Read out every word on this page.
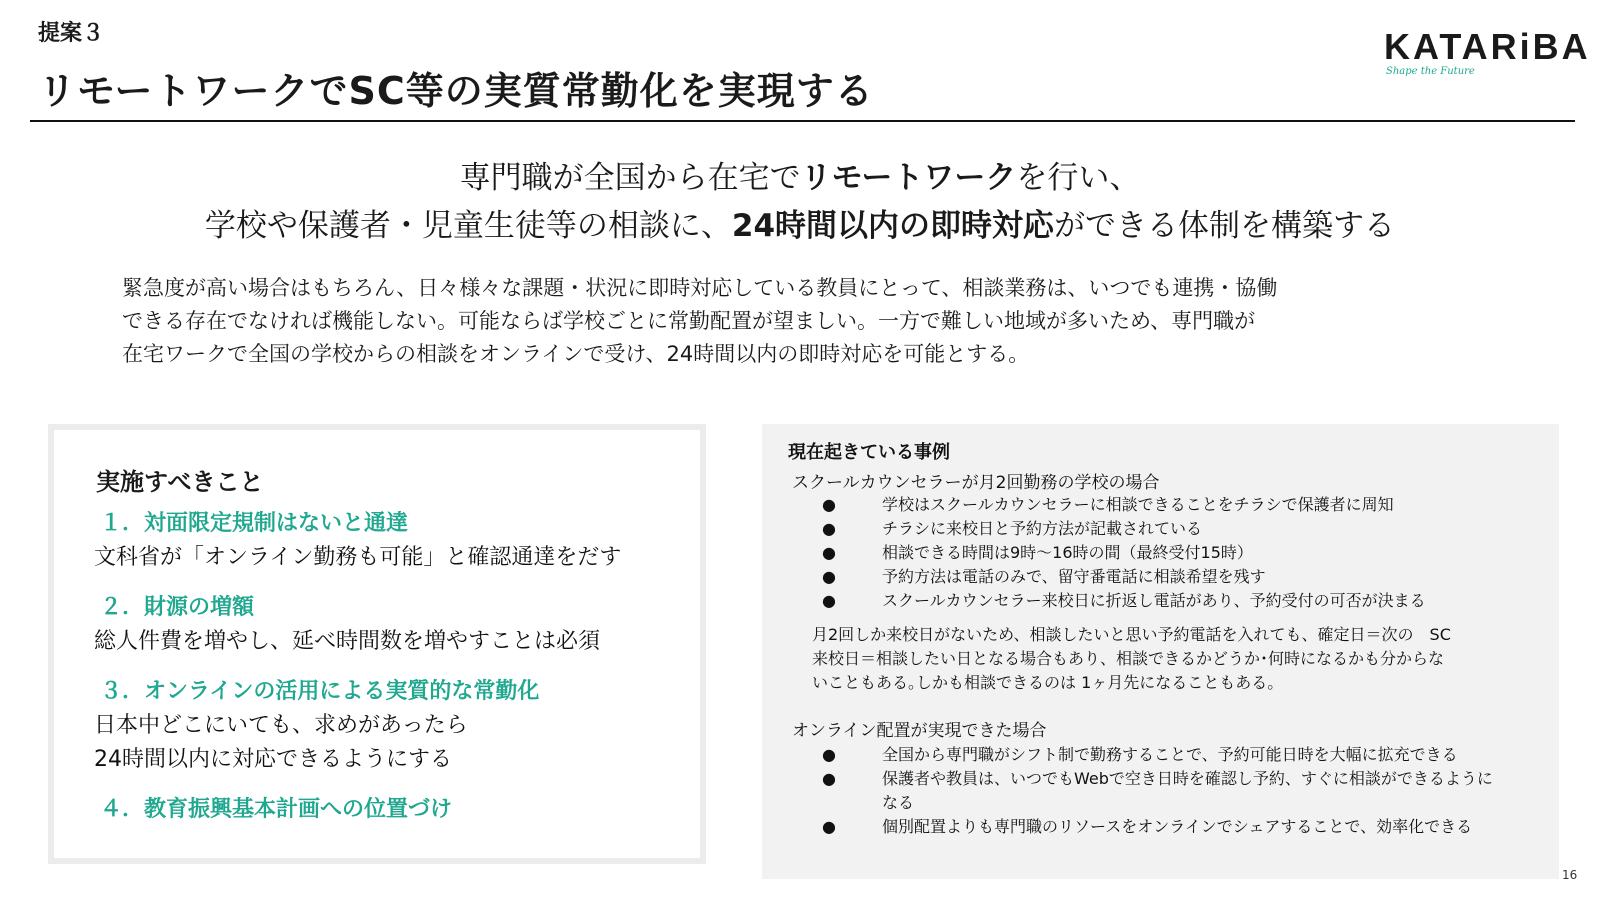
提案３
リモートワークでSC等の実質常勤化を実現する
KATARiBA
Shape the Future
専門職が全国から在宅でリモートワークを行い、
学校や保護者・児童生徒等の相談に、24時間以内の即時対応ができる体制を構築する
緊急度が高い場合はもちろん、日々様々な課題・状況に即時対応している教員にとって、相談業務は、いつでも連携・協働
できる存在でなければ機能しない。可能ならば学校ごとに常勤配置が望ましい。一方で難しい地域が多いため、専門職が
在宅ワークで全国の学校からの相談をオンラインで受け、24時間以内の即時対応を可能とする。
実施すべきこと
１．対面限定規制はないと通達
文科省が「オンライン勤務も可能」と確認通達をだす
２．財源の増額
総人件費を増やし、延べ時間数を増やすことは必須
３．オンラインの活用による実質的な常勤化
日本中どこにいても、求めがあったら
24時間以内に対応できるようにする
４．教育振興基本計画への位置づけ
現在起きている事例
スクールカウンセラーが月2回勤務の学校の場合
●	学校はスクールカウンセラーに相談できることをチラシで保護者に周知
●	チラシに来校日と予約方法が記載されている
●	相談できる時間は9時〜16時の間（最終受付15時）
●	予約方法は電話のみで、留守番電話に相談希望を残す
●	スクールカウンセラー来校日に折返し電話があり、予約受付の可否が決まる
月2回しか来校日がないため、相談したいと思い予約電話を入れても、確定日＝次の　SC
来校日＝相談したい日となる場合もあり、相談できるかどうか･何時になるかも分からな
いこともある｡しかも相談できるのは 1ヶ月先になることもある｡
オンライン配置が実現できた場合
●	全国から専門職がシフト制で勤務することで、予約可能日時を大幅に拡充できる
●	保護者や教員は、いつでもWebで空き日時を確認し予約、すぐに相談ができるように
なる
●	個別配置よりも専門職のリソースをオンラインでシェアすることで、効率化できる
16
